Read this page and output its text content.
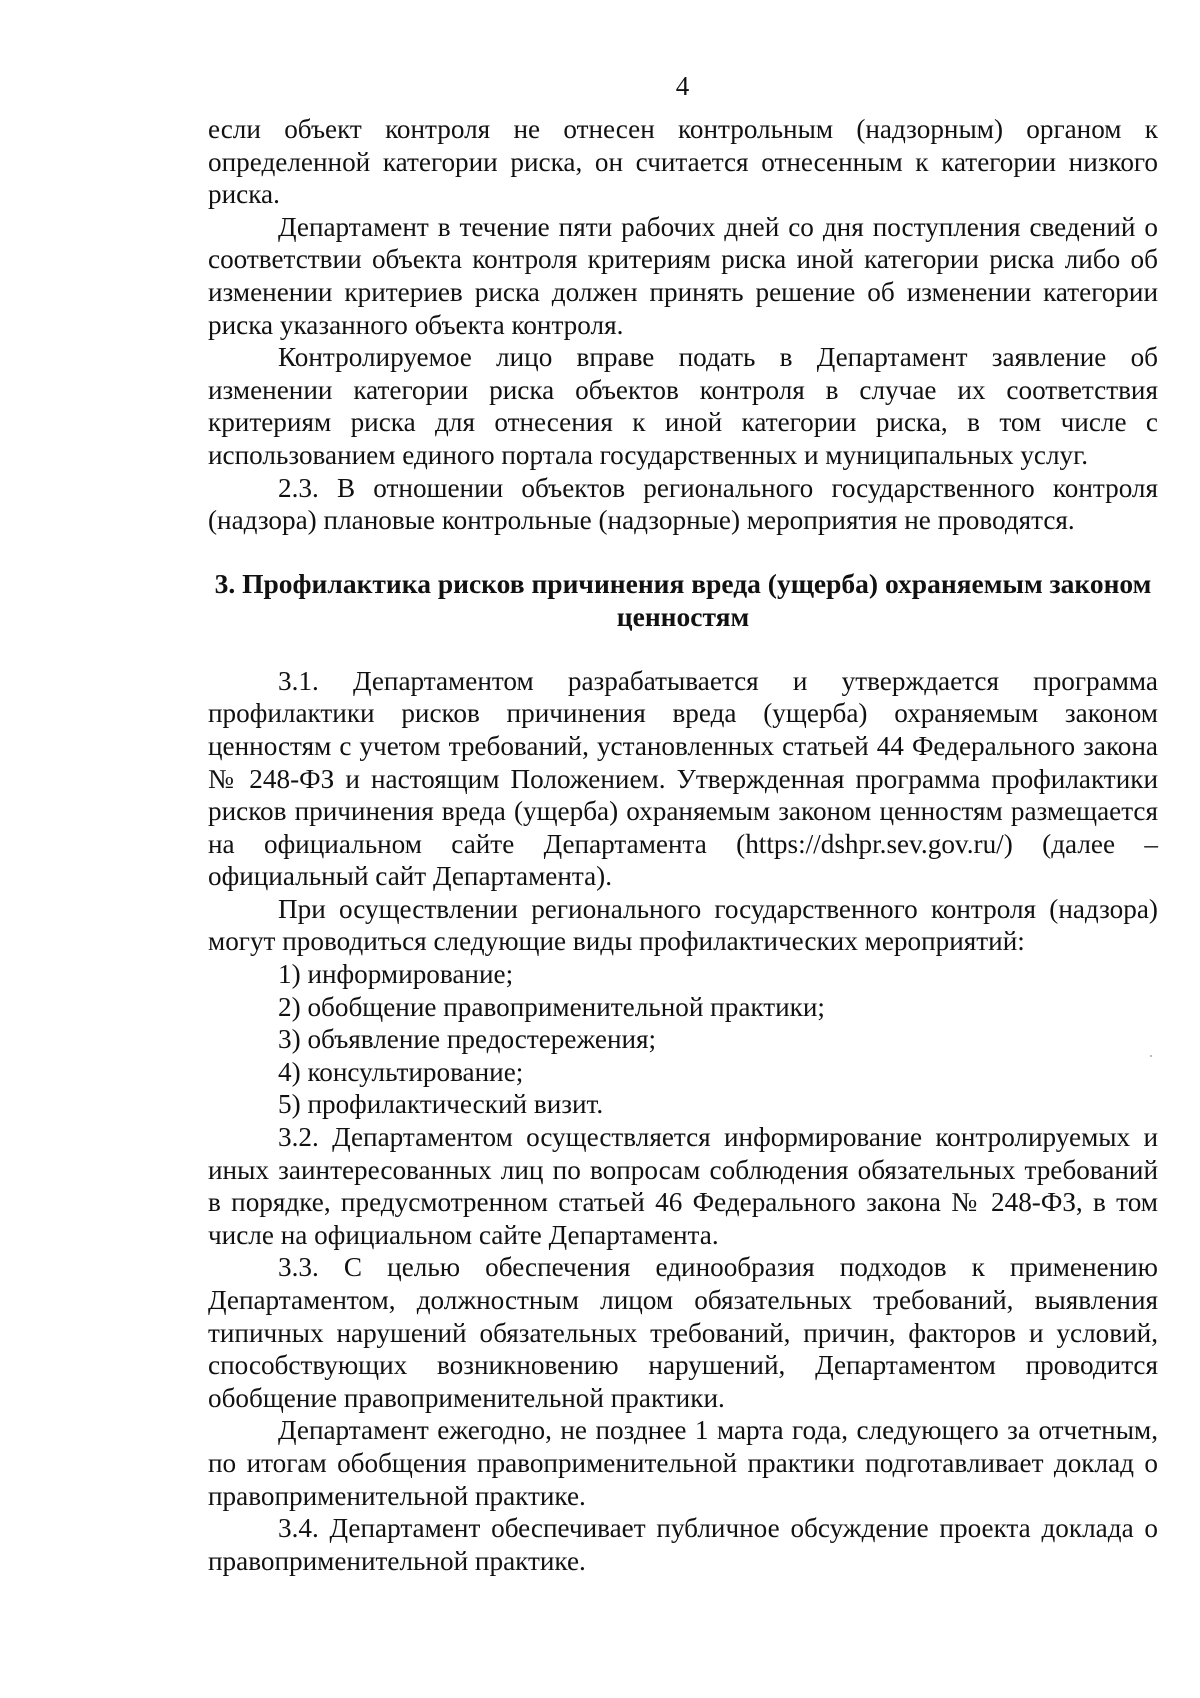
4

если объект контроля не отнесен контрольным (надзорным) органом к определенной категории риска, он считается отнесенным к категории низкого риска.

Департамент в течение пяти рабочих дней со дня поступления сведений о соответствии объекта контроля критериям риска иной категории риска либо об изменении критериев риска должен принять решение об изменении категории риска указанного объекта контроля.

Контролируемое лицо вправе подать в Департамент заявление об изменении категории риска объектов контроля в случае их соответствия критериям риска для отнесения к иной категории риска, в том числе с использованием единого портала государственных и муниципальных услуг.

2.3. В отношении объектов регионального государственного контроля (надзора) плановые контрольные (надзорные) мероприятия не проводятся.

3. Профилактика рисков причинения вреда (ущерба) охраняемым законом ценностям

3.1. Департаментом разрабатывается и утверждается программа профилактики рисков причинения вреда (ущерба) охраняемым законом ценностям с учетом требований, установленных статьей 44 Федерального закона № 248-ФЗ и настоящим Положением. Утвержденная программа профилактики рисков причинения вреда (ущерба) охраняемым законом ценностям размещается на официальном сайте Департамента (https://dshpr.sev.gov.ru/) (далее – официальный сайт Департамента).

При осуществлении регионального государственного контроля (надзора) могут проводиться следующие виды профилактических мероприятий:

1) информирование;

2) обобщение правоприменительной практики;

3) объявление предостережения;

4) консультирование;

5) профилактический визит.

3.2. Департаментом осуществляется информирование контролируемых и иных заинтересованных лиц по вопросам соблюдения обязательных требований в порядке, предусмотренном статьей 46 Федерального закона № 248-ФЗ, в том числе на официальном сайте Департамента.

3.3. С целью обеспечения единообразия подходов к применению Департаментом, должностным лицом обязательных требований, выявления типичных нарушений обязательных требований, причин, факторов и условий, способствующих возникновению нарушений, Департаментом проводится обобщение правоприменительной практики.

Департамент ежегодно, не позднее 1 марта года, следующего за отчетным, по итогам обобщения правоприменительной практики подготавливает доклад о правоприменительной практике.

3.4. Департамент обеспечивает публичное обсуждение проекта доклада о правоприменительной практике.
